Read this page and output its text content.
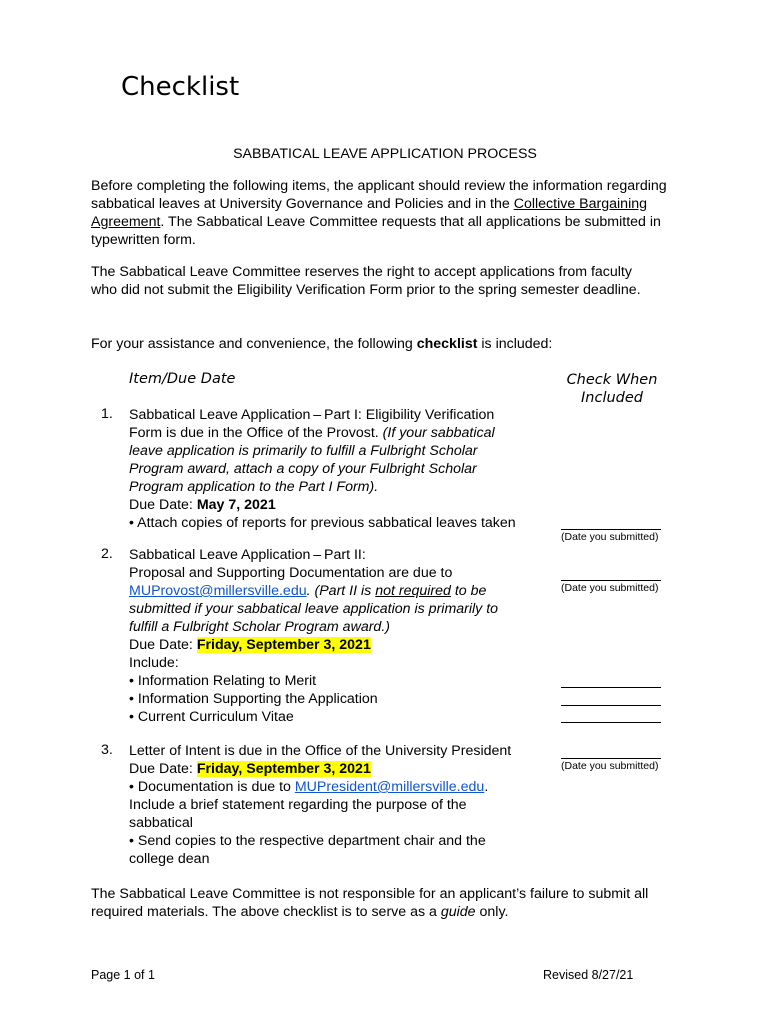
Checklist
SABBATICAL LEAVE APPLICATION PROCESS
Before completing the following items, the applicant should review the information regarding sabbatical leaves at University Governance and Policies and in the Collective Bargaining Agreement. The Sabbatical Leave Committee requests that all applications be submitted in typewritten form.
The Sabbatical Leave Committee reserves the right to accept applications from faculty who did not submit the Eligibility Verification Form prior to the spring semester deadline.
For your assistance and convenience, the following checklist is included:
Item/Due Date	Check When
Included
1. Sabbatical Leave Application – Part I: Eligibility Verification
Form is due in the Office of the Provost. (If your sabbatical
leave application is primarily to fulfill a Fulbright Scholar
Program award, attach a copy of your Fulbright Scholar
Program application to the Part I Form).
Due Date: May 7, 2021
• Attach copies of reports for previous sabbatical leaves taken
(Date you submitted)
2. Sabbatical Leave Application – Part II:
Proposal and Supporting Documentation are due to
MUProvost@millersville.edu. (Part II is not required to be
submitted if your sabbatical leave application is primarily to
fulfill a Fulbright Scholar Program award.)
Due Date: Friday, September 3, 2021
Include:
• Information Relating to Merit
• Information Supporting the Application
• Current Curriculum Vitae
(Date you submitted)
3. Letter of Intent is due in the Office of the University President
Due Date: Friday, September 3, 2021
• Documentation is due to MUPresident@millersville.edu.
Include a brief statement regarding the purpose of the
sabbatical
• Send copies to the respective department chair and the
college dean
(Date you submitted)
The Sabbatical Leave Committee is not responsible for an applicant’s failure to submit all required materials. The above checklist is to serve as a guide only.
Page 1 of 1	Revised 8/27/21
